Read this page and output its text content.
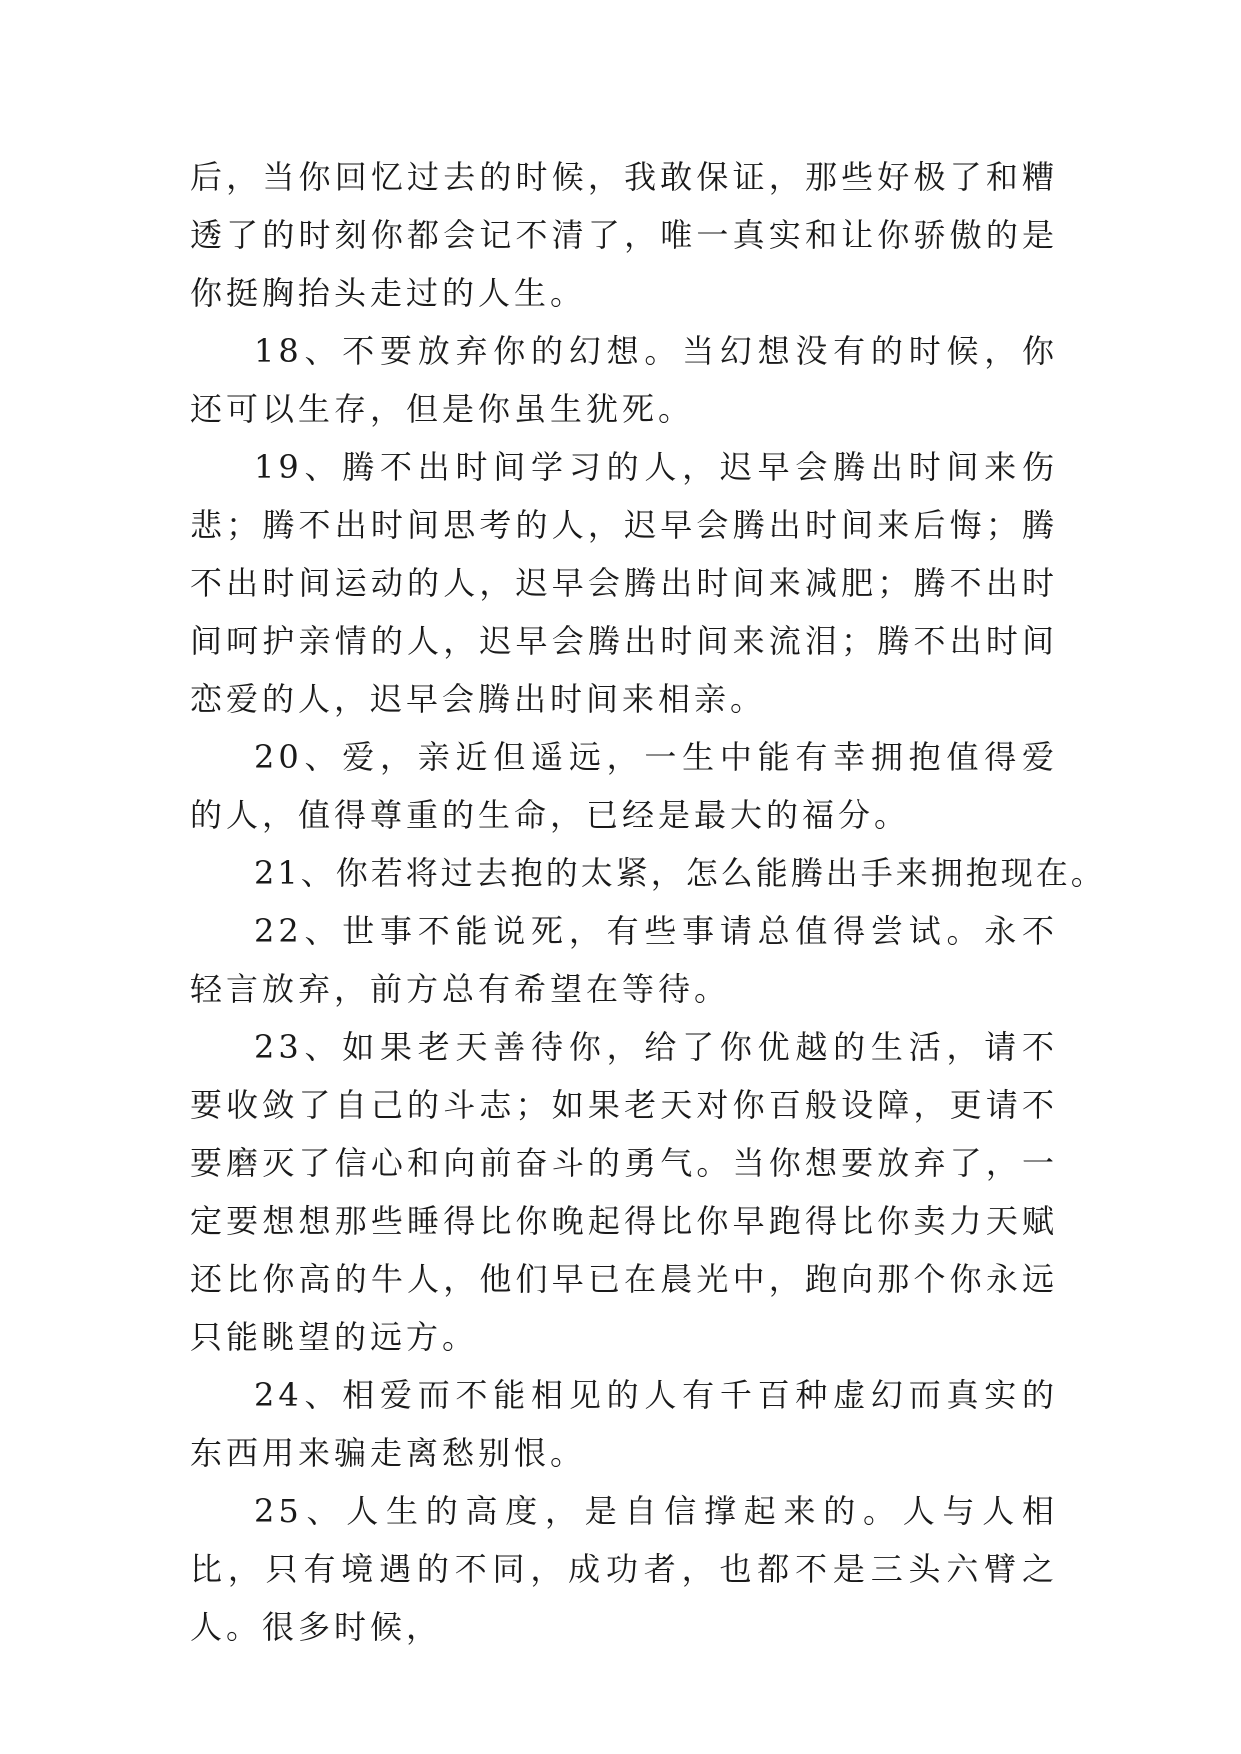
后，当你回忆过去的时候，我敢保证，那些好极了和糟透了的时刻你都会记不清了，唯一真实和让你骄傲的是你挺胸抬头走过的人生。

18、不要放弃你的幻想。当幻想没有的时候，你还可以生存，但是你虽生犹死。

19、腾不出时间学习的人，迟早会腾出时间来伤悲；腾不出时间思考的人，迟早会腾出时间来后悔；腾不出时间运动的人，迟早会腾出时间来减肥；腾不出时间呵护亲情的人，迟早会腾出时间来流泪；腾不出时间恋爱的人，迟早会腾出时间来相亲。

20、爱，亲近但遥远，一生中能有幸拥抱值得爱的人，值得尊重的生命，已经是最大的福分。

21、你若将过去抱的太紧，怎么能腾出手来拥抱现在。

22、世事不能说死，有些事请总值得尝试。永不轻言放弃，前方总有希望在等待。

23、如果老天善待你，给了你优越的生活，请不要收敛了自己的斗志；如果老天对你百般设障，更请不要磨灭了信心和向前奋斗的勇气。当你想要放弃了，一定要想想那些睡得比你晚起得比你早跑得比你卖力天赋还比你高的牛人，他们早已在晨光中，跑向那个你永远只能眺望的远方。

24、相爱而不能相见的人有千百种虚幻而真实的东西用来骗走离愁别恨。

25、人生的高度，是自信撑起来的。人与人相比，只有境遇的不同，成功者，也都不是三头六臂之人。很多时候，
